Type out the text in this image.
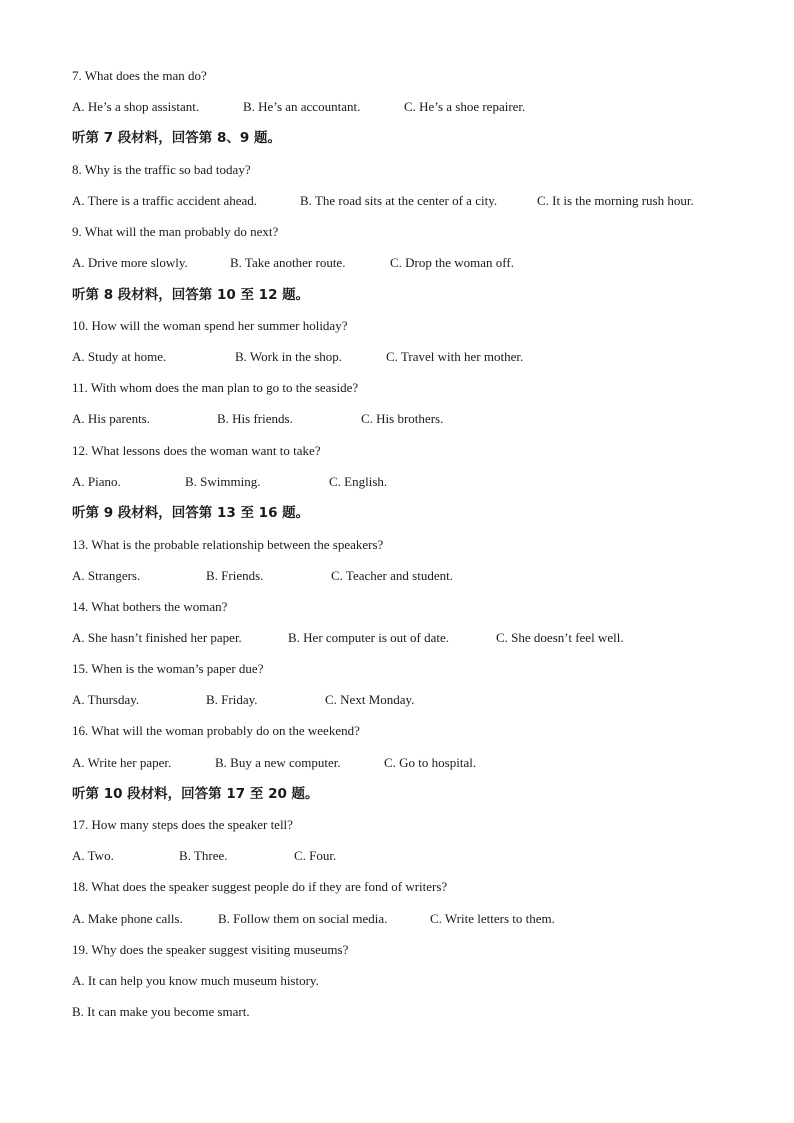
7. What does the man do?
A. He’s a shop assistant.	B. He’s an accountant.	C. He’s a shoe repairer.
听第 7 段材料，回答第 8、9 题。
8. Why is the traffic so bad today?
A. There is a traffic accident ahead.	B. The road sits at the center of a city.	C. It is the morning rush hour.
9. What will the man probably do next?
A. Drive more slowly.	B. Take another route.	C. Drop the woman off.
听第 8 段材料，回答第 10 至 12 题。
10. How will the woman spend her summer holiday?
A. Study at home.	B. Work in the shop.	C. Travel with her mother.
11. With whom does the man plan to go to the seaside?
A. His parents.	B. His friends.	C. His brothers.
12. What lessons does the woman want to take?
A. Piano.	B. Swimming.	C. English.
听第 9 段材料，回答第 13 至 16 题。
13. What is the probable relationship between the speakers?
A. Strangers.	B. Friends.	C. Teacher and student.
14. What bothers the woman?
A. She hasn’t finished her paper.	B. Her computer is out of date.	C. She doesn’t feel well.
15. When is the woman’s paper due?
A. Thursday.	B. Friday.	C. Next Monday.
16. What will the woman probably do on the weekend?
A. Write her paper.	B. Buy a new computer.	C. Go to hospital.
听第 10 段材料，回答第 17 至 20 题。
17. How many steps does the speaker tell?
A. Two.	B. Three.	C. Four.
18. What does the speaker suggest people do if they are fond of writers?
A. Make phone calls.	B. Follow them on social media.	C. Write letters to them.
19. Why does the speaker suggest visiting museums?
A. It can help you know much museum history.
B. It can make you become smart.
